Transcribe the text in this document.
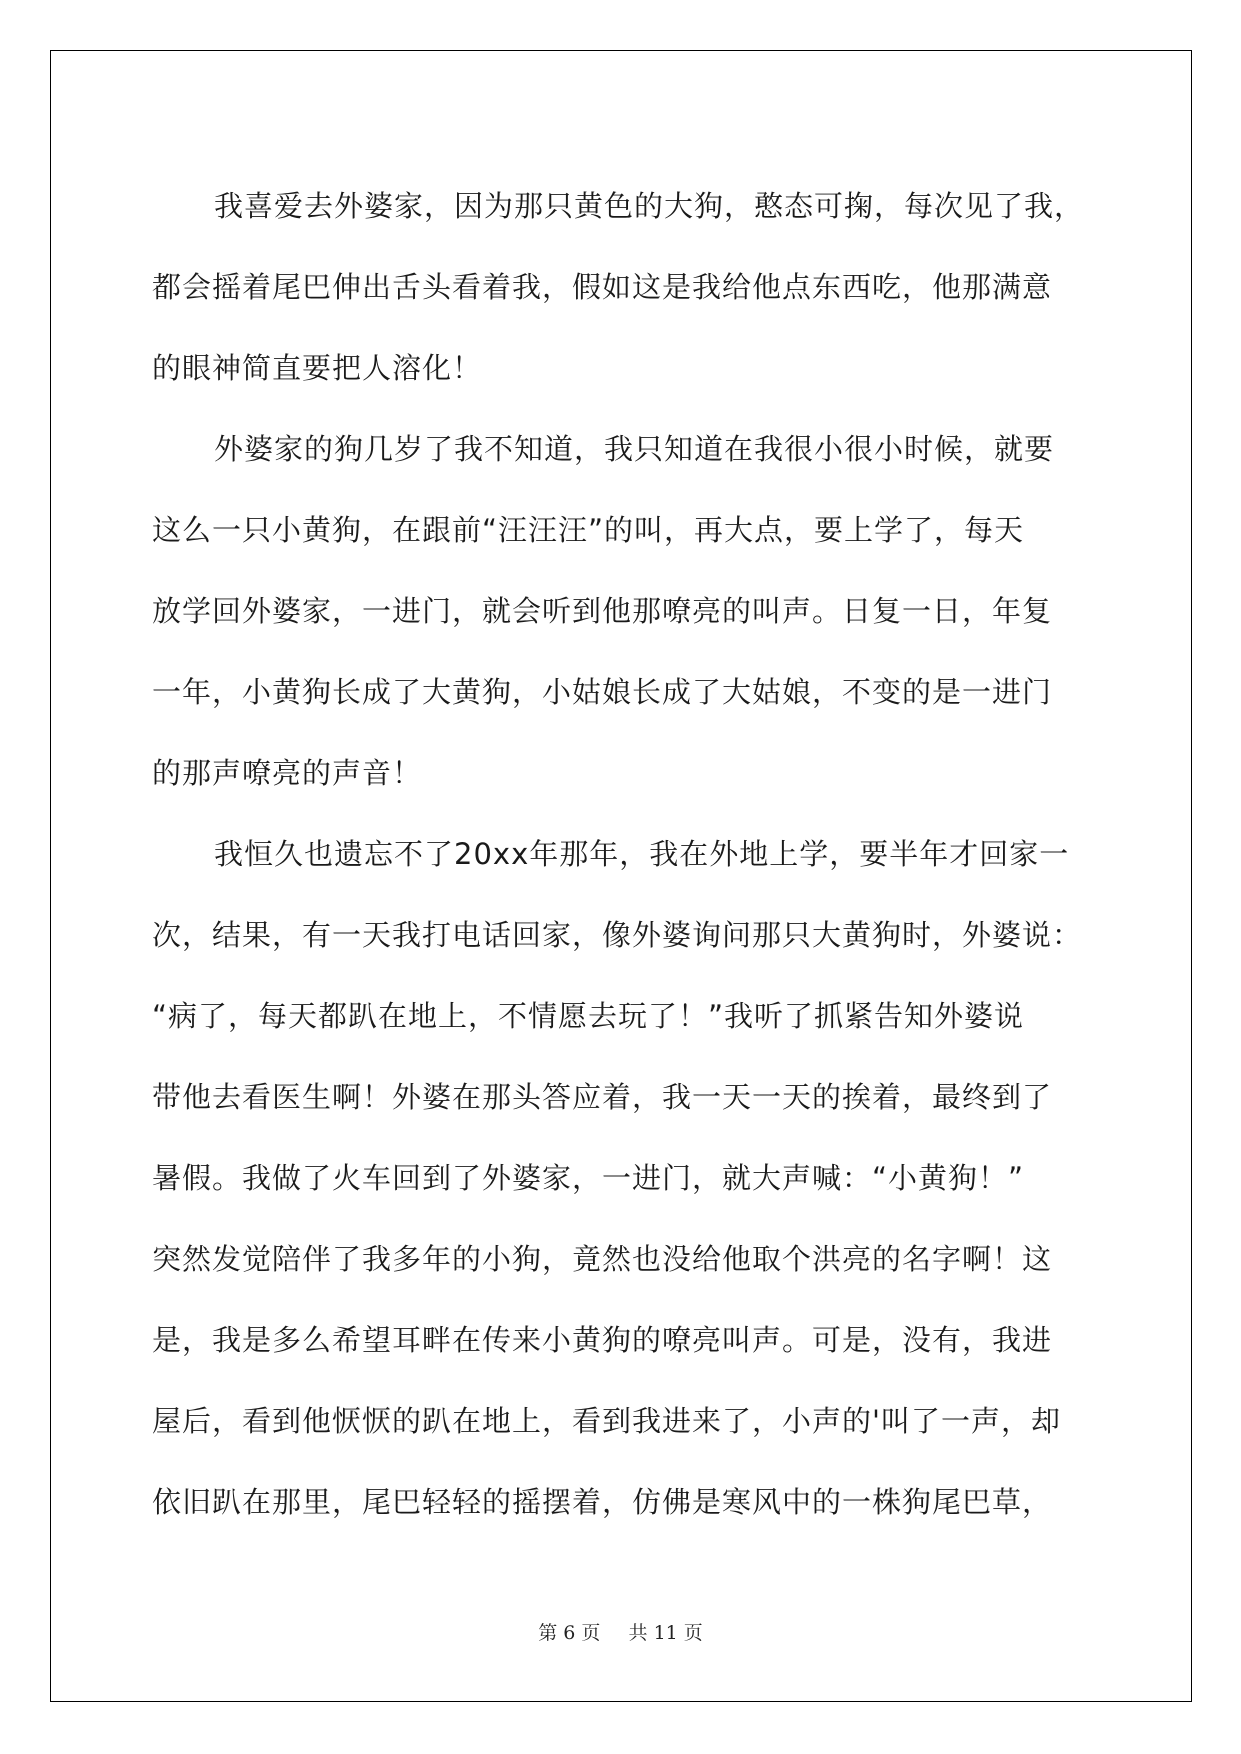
我喜爱去外婆家，因为那只黄色的大狗，憨态可掬，每次见了我，
都会摇着尾巴伸出舌头看着我，假如这是我给他点东西吃，他那满意
的眼神简直要把人溶化！

外婆家的狗几岁了我不知道，我只知道在我很小很小时候，就要
这么一只小黄狗，在跟前“汪汪汪”的叫，再大点，要上学了，每天
放学回外婆家，一进门，就会听到他那嘹亮的叫声。日复一日，年复
一年，小黄狗长成了大黄狗，小姑娘长成了大姑娘，不变的是一进门
的那声嘹亮的声音！

我恒久也遗忘不了20xx年那年，我在外地上学，要半年才回家一
次，结果，有一天我打电话回家，像外婆询问那只大黄狗时，外婆说：
“病了，每天都趴在地上，不情愿去玩了！”我听了抓紧告知外婆说
带他去看医生啊！外婆在那头答应着，我一天一天的挨着，最终到了
暑假。我做了火车回到了外婆家，一进门，就大声喊：“小黄狗！”
突然发觉陪伴了我多年的小狗，竟然也没给他取个洪亮的名字啊！这
是，我是多么希望耳畔在传来小黄狗的嘹亮叫声。可是，没有，我进
屋后，看到他恹恹的趴在地上，看到我进来了，小声的'叫了一声，却
依旧趴在那里，尾巴轻轻的摇摆着，仿佛是寒风中的一株狗尾巴草，

第 6 页 共 11 页
